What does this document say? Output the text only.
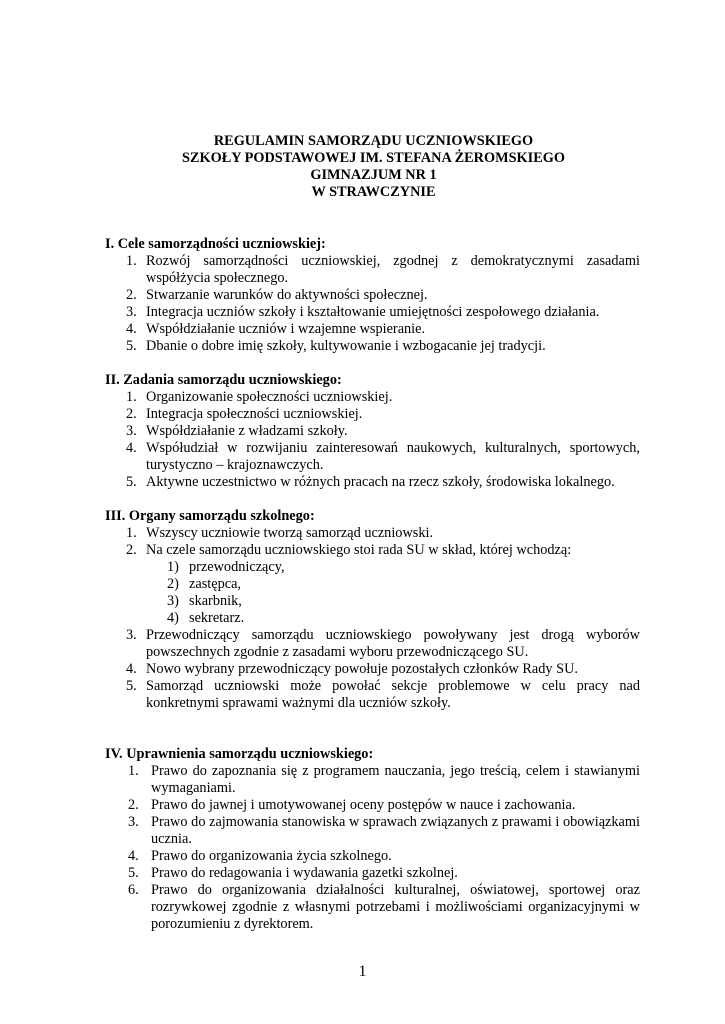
REGULAMIN SAMORZĄDU UCZNIOWSKIEGO
SZKOŁY PODSTAWOWEJ IM. STEFANA ŻEROMSKIEGO
GIMNAZJUM NR 1
W STRAWCZYNIE
I. Cele samorządności uczniowskiej:
1. Rozwój samorządności uczniowskiej, zgodnej z demokratycznymi zasadami współżycia społecznego.
2. Stwarzanie warunków do aktywności społecznej.
3. Integracja uczniów szkoły i kształtowanie umiejętności zespołowego działania.
4. Współdziałanie uczniów i wzajemne wspieranie.
5. Dbanie o dobre imię szkoły, kultywowanie i wzbogacanie jej tradycji.
II. Zadania samorządu uczniowskiego:
1. Organizowanie społeczności uczniowskiej.
2. Integracja społeczności uczniowskiej.
3. Współdziałanie z władzami szkoły.
4. Współudział w rozwijaniu zainteresowań naukowych, kulturalnych, sportowych, turystyczno – krajoznawczych.
5. Aktywne uczestnictwo w różnych pracach na rzecz szkoły, środowiska lokalnego.
III. Organy samorządu szkolnego:
1. Wszyscy uczniowie tworzą samorząd uczniowski.
2. Na czele samorządu uczniowskiego stoi rada SU w skład, której wchodzą:
1) przewodniczący,
2) zastępca,
3) skarbnik,
4) sekretarz.
3. Przewodniczący samorządu uczniowskiego powoływany jest drogą wyborów powszechnych zgodnie z zasadami wyboru przewodniczącego SU.
4. Nowo wybrany przewodniczący powołuje pozostałych członków Rady SU.
5. Samorząd uczniowski może powołać sekcje problemowe w celu pracy nad konkretnymi sprawami ważnymi dla uczniów szkoły.
IV. Uprawnienia samorządu uczniowskiego:
1. Prawo do zapoznania się z programem nauczania, jego treścią, celem i stawianymi wymaganiami.
2. Prawo do jawnej i umotywowanej oceny postępów w nauce i zachowania.
3. Prawo do zajmowania stanowiska w sprawach związanych z prawami i obowiązkami ucznia.
4. Prawo do organizowania życia szkolnego.
5. Prawo do redagowania i wydawania gazetki szkolnej.
6. Prawo do organizowania działalności kulturalnej, oświatowej, sportowej oraz rozrywkowej zgodnie z własnymi potrzebami i możliwościami organizacyjnymi w porozumieniu z dyrektorem.
1
